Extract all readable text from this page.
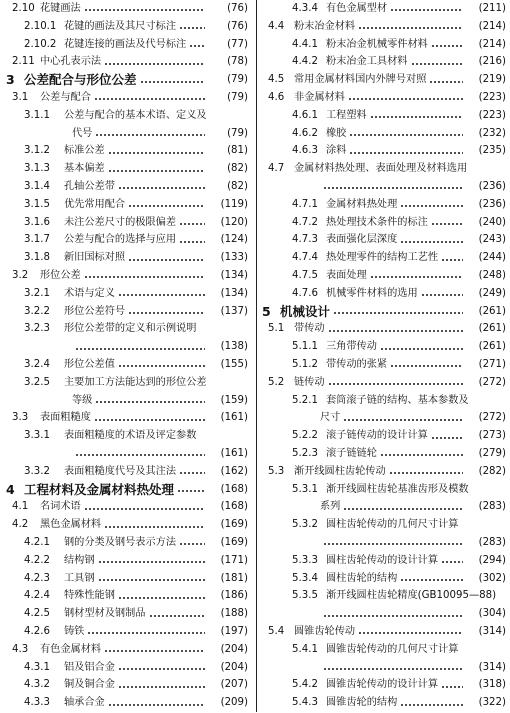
2.10 花键画法	(76)
2.10.1 花键的画法及其尺寸标注	(76)
2.10.2 花键连接的画法及代号标注	(77)
2.11 中心孔表示法	(78)
3 公差配合与形位公差	(79)
3.1	公差与配合	(79)
3.1.1	公差与配合的基本术语、定义及
代号	(79)
3.1.2	标准公差	(81)
3.1.3	基本偏差	(82)
3.1.4	孔轴公差带	(82)
3.1.5	优先常用配合	(119)
3.1.6	未注公差尺寸的极限偏差	(120)
3.1.7	公差与配合的选择与应用	(124)
3.1.8	新旧国标对照	(133)
3.2	形位公差	(134)
3.2.1	术语与定义	(134)
3.2.2	形位公差符号	(137)
3.2.3	形位公差带的定义和示例说明
(138)
3.2.4	形位公差值	(155)
3.2.5	主要加工方法能达到的形位公差
等级	(159)
3.3	表面粗糙度	(161)
3.3.1	表面粗糙度的术语及评定参数
(161)
3.3.2	表面粗糙度代号及其注法	(162)
4 工程材料及金属材料热处理	(168)
4.1	名词术语	(168)
4.2	黑色金属材料	(169)
4.2.1	钢的分类及钢号表示方法	(169)
4.2.2	结构钢	(171)
4.2.3	工具钢	(181)
4.2.4	特殊性能钢	(186)
4.2.5	钢材型材及钢制品	(188)
4.2.6	铸铁	(197)
4.3	有色金属材料	(204)
4.3.1	铝及铝合金	(204)
4.3.2	铜及铜合金	(207)
4.3.3	轴承合金	(209)
4.3.4 有色金属型材	(211)
4.4 粉末冶金材料	(214)
4.4.1 粉末冶金机械零件材料	(214)
4.4.2 粉末冶金工具材料	(216)
4.5 常用金属材料国内外牌号对照	(219)
4.6 非金属材料	(223)
4.6.1 工程塑料	(223)
4.6.2 橡胶	(232)
4.6.3 涂料	(235)
4.7 金属材料热处理、表面处理及材料选用
(236)
4.7.1 金属材料热处理	(236)
4.7.2 热处理技术条件的标注	(240)
4.7.3 表面强化层深度	(243)
4.7.4 热处理零件的结构工艺性	(244)
4.7.5 表面处理	(248)
4.7.6 机械零件材料的选用	(249)
5 机械设计	(261)
5.1 带传动	(261)
5.1.1 三角带传动	(261)
5.1.2 带传动的张紧	(271)
5.2 链传动	(272)
5.2.1 套筒滚子链的结构、基本参数及
尺寸	(272)
5.2.2 滚子链传动的设计计算	(273)
5.2.3 滚子链链轮	(279)
5.3 渐开线圆柱齿轮传动	(282)
5.3.1 渐开线圆柱齿轮基准齿形及模数
系列	(283)
5.3.2 圆柱齿轮传动的几何尺寸计算
(283)
5.3.3 圆柱齿轮传动的设计计算	(294)
5.3.4 圆柱齿轮的结构	(302)
5.3.5 渐开线圆柱齿轮精度(GB10095—88)
(304)
5.4 圆锥齿轮传动	(314)
5.4.1 圆锥齿轮传动的几何尺寸计算
(314)
5.4.2 圆锥齿轮传动的设计计算	(318)
5.4.3 圆锥齿轮的结构	(322)
